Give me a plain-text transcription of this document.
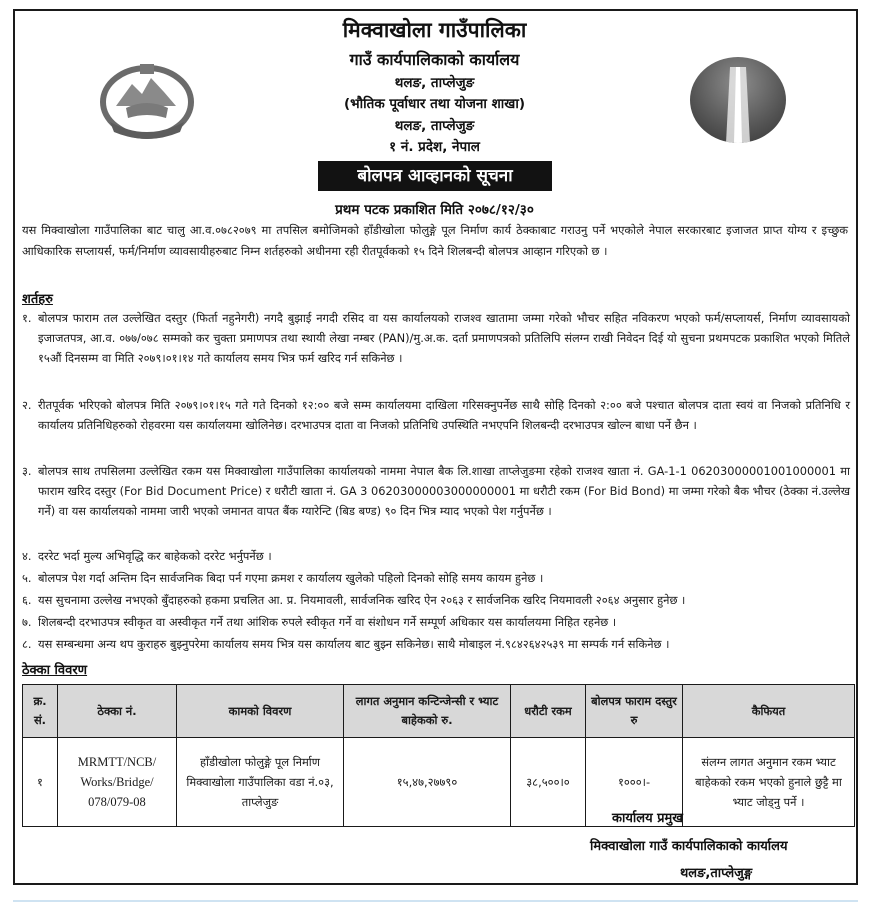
मिक्वाखोला गाउँपालिका
गाउँ कार्यपालिकाको कार्यालय
थलङ, ताप्लेजुङ
(भौतिक पूर्वाधार तथा योजना शाखा)
थलङ, ताप्लेजुङ
१ नं. प्रदेश, नेपाल
बोलपत्र आव्हानको सूचना
प्रथम पटक प्रकाशित मिति २०७८/१२/३०
यस मिक्वाखोला गाउँपालिका बाट चालु आ.व.०७८२०७९ मा तपसिल बमोजिमको हाँडीखोला फोलुङ्गे पूल निर्माण कार्य ठेक्काबाट गराउनु पर्ने भएकोले नेपाल सरकारबाट इजाजत प्राप्त योग्य र इच्छुक आधिकारिक सप्लायर्स, फर्म/निर्माण व्यावसायीहरुबाट निम्न शर्तहरुको अधीनमा रही रीतपूर्वकको १५ दिने शिलबन्दी बोलपत्र आव्हान गरिएको छ ।
शर्तहरु
१. बोलपत्र फाराम तल उल्लेखित दस्तुर (फिर्ता नहुनेगरी) नगदै बुझाई नगदी रसिद वा यस कार्यालयको राजश्व खातामा जम्मा गरेको भौचर सहित नविकरण भएको फर्म/सप्लायर्स, निर्माण व्यावसायको इजाजतपत्र, आ.व. ०७७/०७८ सम्मको कर चुक्ता प्रमाणपत्र तथा स्थायी लेखा नम्बर (PAN)/मु.अ.क. दर्ता प्रमाणपत्रको प्रतिलिपि संलग्न राखी निवेदन दिई यो सुचना प्रथमपटक प्रकाशित भएको मितिले १५औं दिनसम्म वा मिति २०७९।०१।१४ गते कार्यालय समय भित्र फर्म खरिद गर्न सकिनेछ ।
२. रीतपूर्वक भरिएको बोलपत्र मिति २०७९।०१।१५ गते गते दिनको १२:०० बजे सम्म कार्यालयमा दाखिला गरिसक्नुपर्नेछ साथै सोहि दिनको २:०० बजे पश्चात बोलपत्र दाता स्वयं वा निजको प्रतिनिधि र कार्यालय प्रतिनिधिहरुको रोहवरमा यस कार्यालयमा खोलिनेछ। दरभाउपत्र दाता वा निजको प्रतिनिधि उपस्थिति नभएपनि शिलबन्दी दरभाउपत्र खोल्न बाधा पर्ने छैन ।
३. बोलपत्र साथ तपसिलमा उल्लेखित रकम यस मिक्वाखोला गाउँपालिका कार्यालयको नाममा नेपाल बैक लि.शाखा ताप्लेजुङमा रहेको राजश्व खाता नं. GA-1-1 06203000001001000001 मा फाराम खरिद दस्तुर (For Bid Document Price) र धरौटी खाता नं. GA 3 06203000003000000001 मा धरौटी रकम (For Bid Bond) मा जम्मा गरेको बैक भौचर (ठेक्का नं.उल्लेख गर्ने) वा यस कार्यालयको नाममा जारी भएको जमानत वापत बैंक ग्यारेन्टि (बिड बण्ड) ९० दिन भित्र म्याद भएको पेश गर्नुपर्नेछ ।
४. दररेट भर्दा मुल्य अभिवृद्धि कर बाहेकको दररेट भर्नुपर्नेछ ।
५. बोलपत्र पेश गर्दा अन्तिम दिन सार्वजनिक बिदा पर्न गएमा क्रमश र कार्यालय खुलेको पहिलो दिनको सोहि समय कायम हुनेछ ।
६. यस सुचनामा उल्लेख नभएको बुँदाहरुको हकमा प्रचलित आ. प्र. नियमावली, सार्वजनिक खरिद ऐन २०६३ र सार्वजनिक खरिद नियमावली २०६४ अनुसार हुनेछ ।
७. शिलबन्दी दरभाउपत्र स्वीकृत वा अस्वीकृत गर्ने तथा आंशिक रुपले स्वीकृत गर्ने वा संशोधन गर्ने सम्पूर्ण अधिकार यस कार्यालयमा निहित रहनेछ ।
८. यस सम्बन्धमा अन्य थप कुराहरु बुझ्नुपरेमा कार्यालय समय भित्र यस कार्यालय बाट बुझ्न सकिनेछ। साथै मोबाइल नं.९८४२६४२५३९ मा सम्पर्क गर्न सकिनेछ ।
ठेक्का विवरण
क्र. सं.	ठेक्का नं.	कामको विवरण	लागत अनुमान कन्टिन्जेन्सी र भ्याट बाहेकको रु.	धरौटी रकम	बोलपत्र फाराम दस्तुर रु	कैफियत
१	MRMTT/NCB/ Works/Bridge/ 078/079-08	हाँडीखोला फोलुङ्गे पूल निर्माण मिक्वाखोला गाउँपालिका वडा नं.०३, ताप्लेजुङ	१५,४७,२७७९०	३८,५००।०	१०००।-	संलग्न लागत अनुमान रकम भ्याट बाहेकको रकम भएको हुनाले छुट्टै मा भ्याट जोड्नु पर्ने ।
कार्यालय प्रमुख
मिक्वाखोला गाउँ कार्यपालिकाको कार्यालय
थलङ,ताप्लेजुङ्ग
